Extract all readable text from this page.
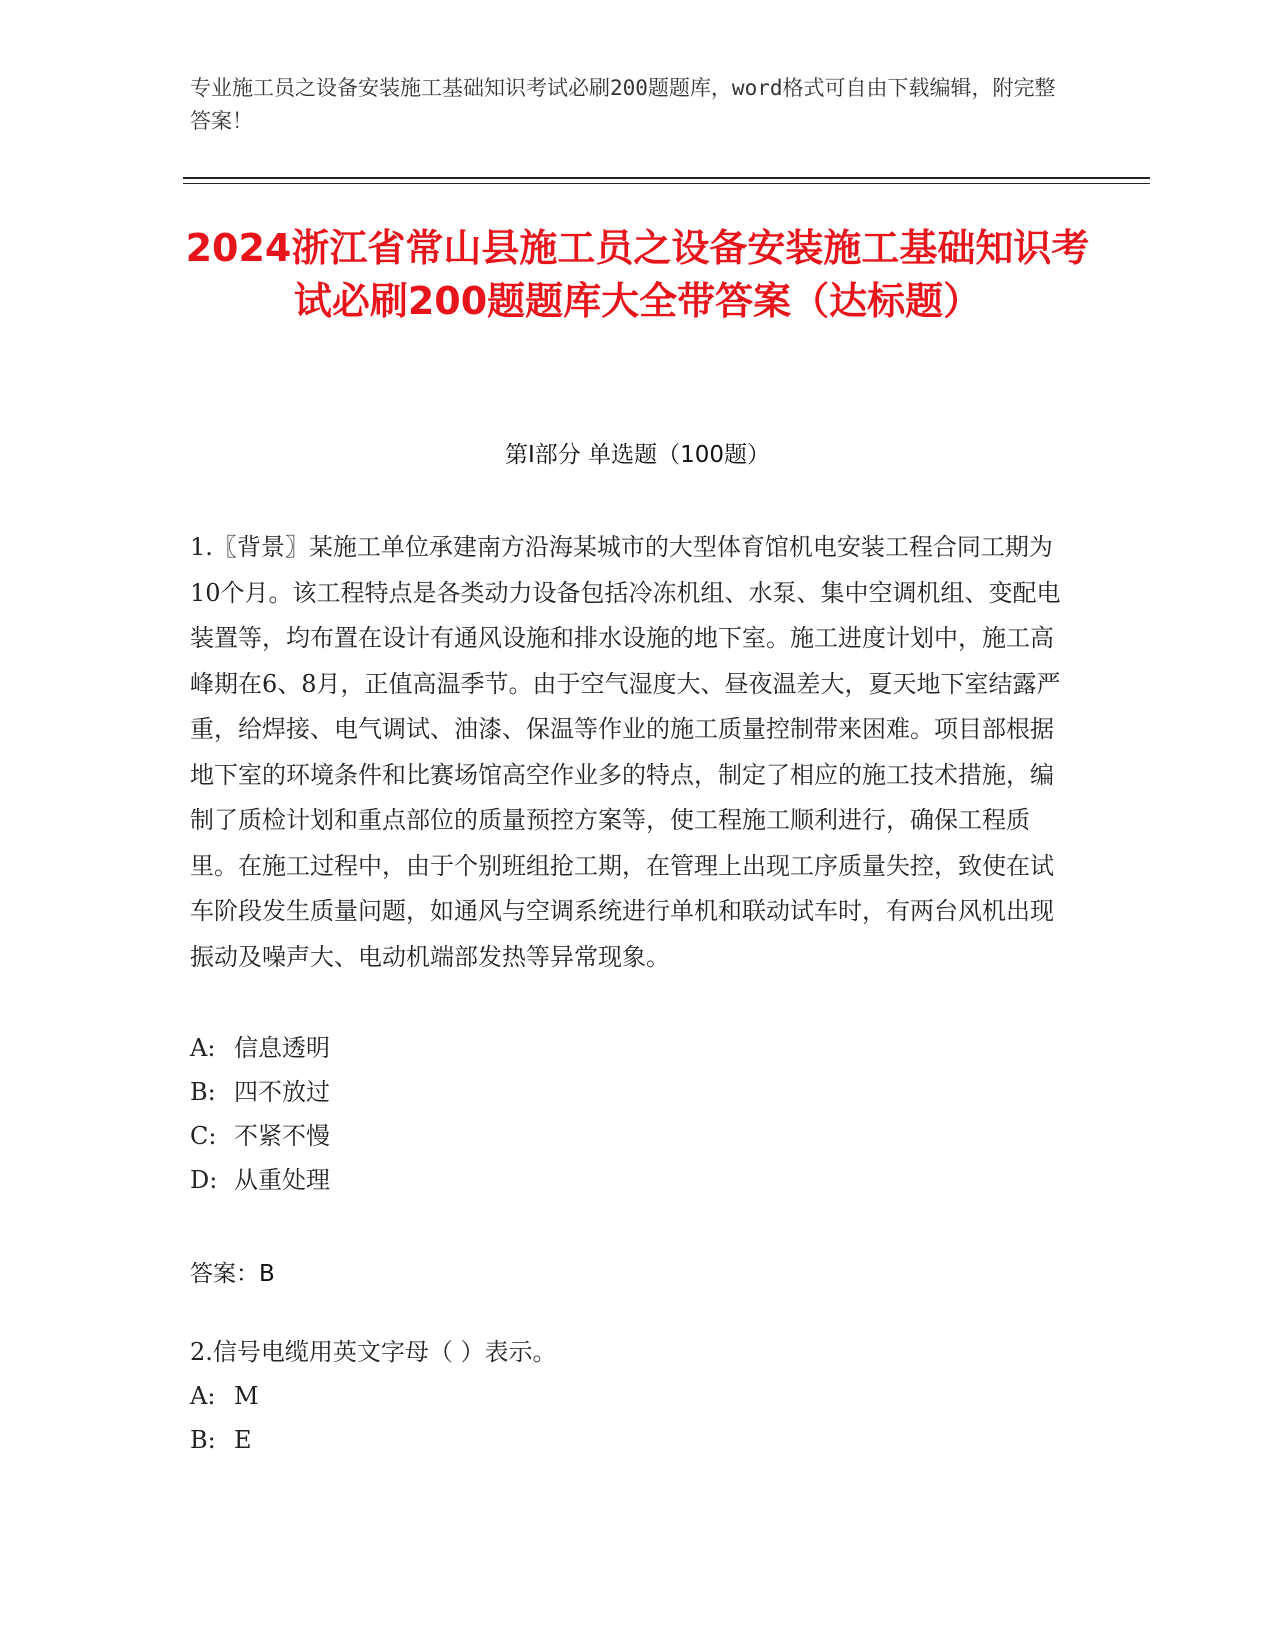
专业施工员之设备安装施工基础知识考试必刷200题题库，word格式可自由下载编辑，附完整答案！
2024浙江省常山县施工员之设备安装施工基础知识考试必刷200题题库大全带答案（达标题）
第I部分 单选题（100题）

1.〖背景〗某施工单位承建南方沿海某城市的大型体育馆机电安装工程合同工期为10个月。该工程特点是各类动力设备包括冷冻机组、水泵、集中空调机组、变配电装置等，均布置在设计有通风设施和排水设施的地下室。施工进度计划中，施工高峰期在6、8月，正值高温季节。由于空气湿度大、昼夜温差大，夏天地下室结露严重，给焊接、电气调试、油漆、保温等作业的施工质量控制带来困难。项目部根据地下室的环境条件和比赛场馆高空作业多的特点，制定了相应的施工技术措施，编制了质检计划和重点部位的质量预控方案等，使工程施工顺利进行，确保工程质里。在施工过程中，由于个别班组抢工期，在管理上出现工序质量失控，致使在试车阶段发生质量问题，如通风与空调系统进行单机和联动试车时，有两台风机出现振动及噪声大、电动机端部发热等异常现象。

A: 信息透明
B: 四不放过
C: 不紧不慢
D: 从重处理
答案：B

2.信号电缆用英文字母（ ）表示。

A: M
B: E
